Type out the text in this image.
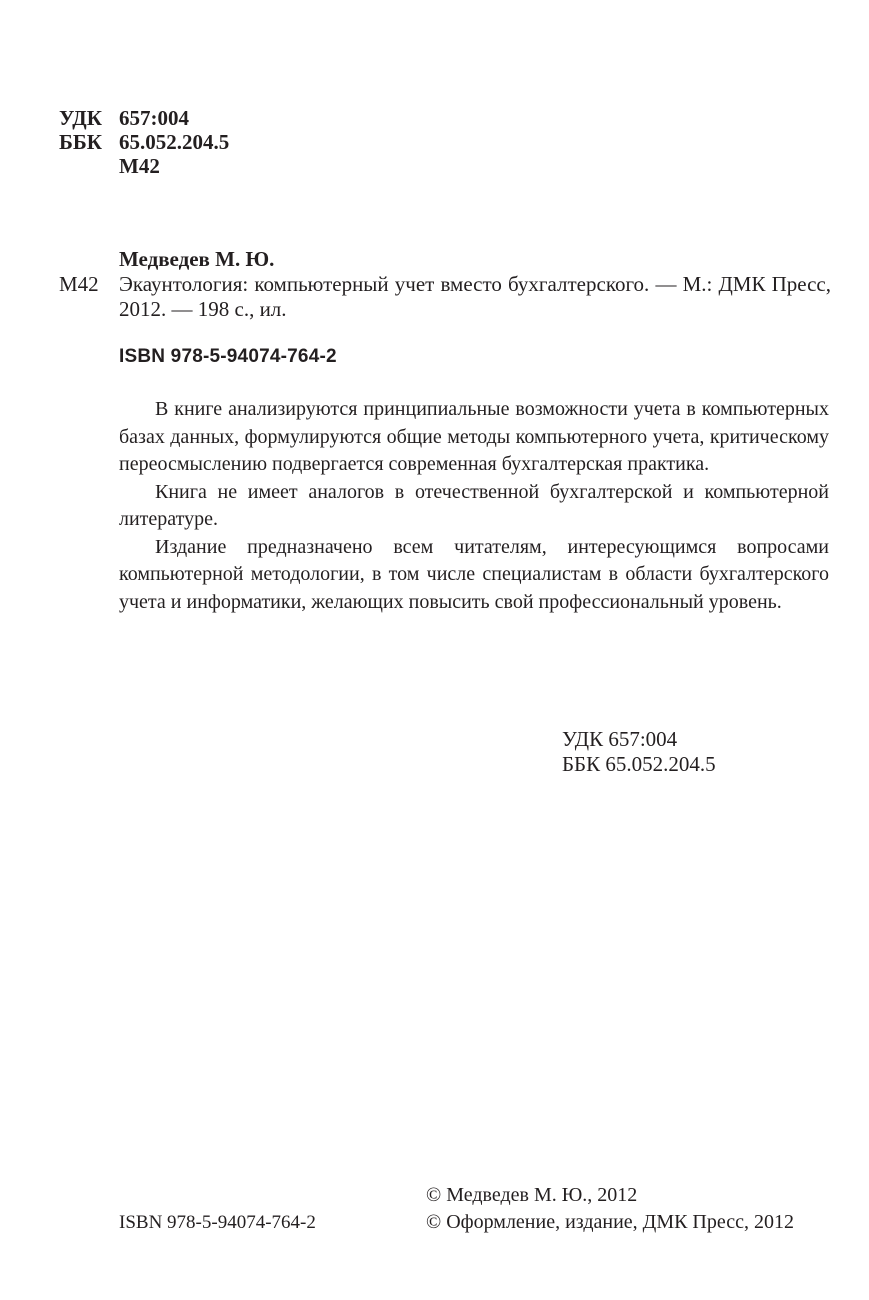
УДК 657:004
ББК 65.052.204.5
М42
Медведев М. Ю.
М42 Экаунтология: компьютерный учет вместо бухгалтерского. — М.: ДМК Пресс, 2012. — 198 с., ил.
ISBN 978-5-94074-764-2

В книге анализируются принципиальные возможности учета в компьютерных базах данных, формулируются общие методы компьютерного учета, критическому переосмыслению подвергается современная бухгалтерская практика.

Книга не имеет аналогов в отечественной бухгалтерской и компьютерной литературе.

Издание предназначено всем читателям, интересующимся вопросами компьютерной методологии, в том числе специалистам в области бухгалтерского учета и информатики, желающих повысить свой профессиональный уровень.

УДК 657:004
ББК 65.052.204.5
ISBN 978-5-94074-764-2
© Медведев М. Ю., 2012
© Оформление, издание, ДМК Пресс, 2012
